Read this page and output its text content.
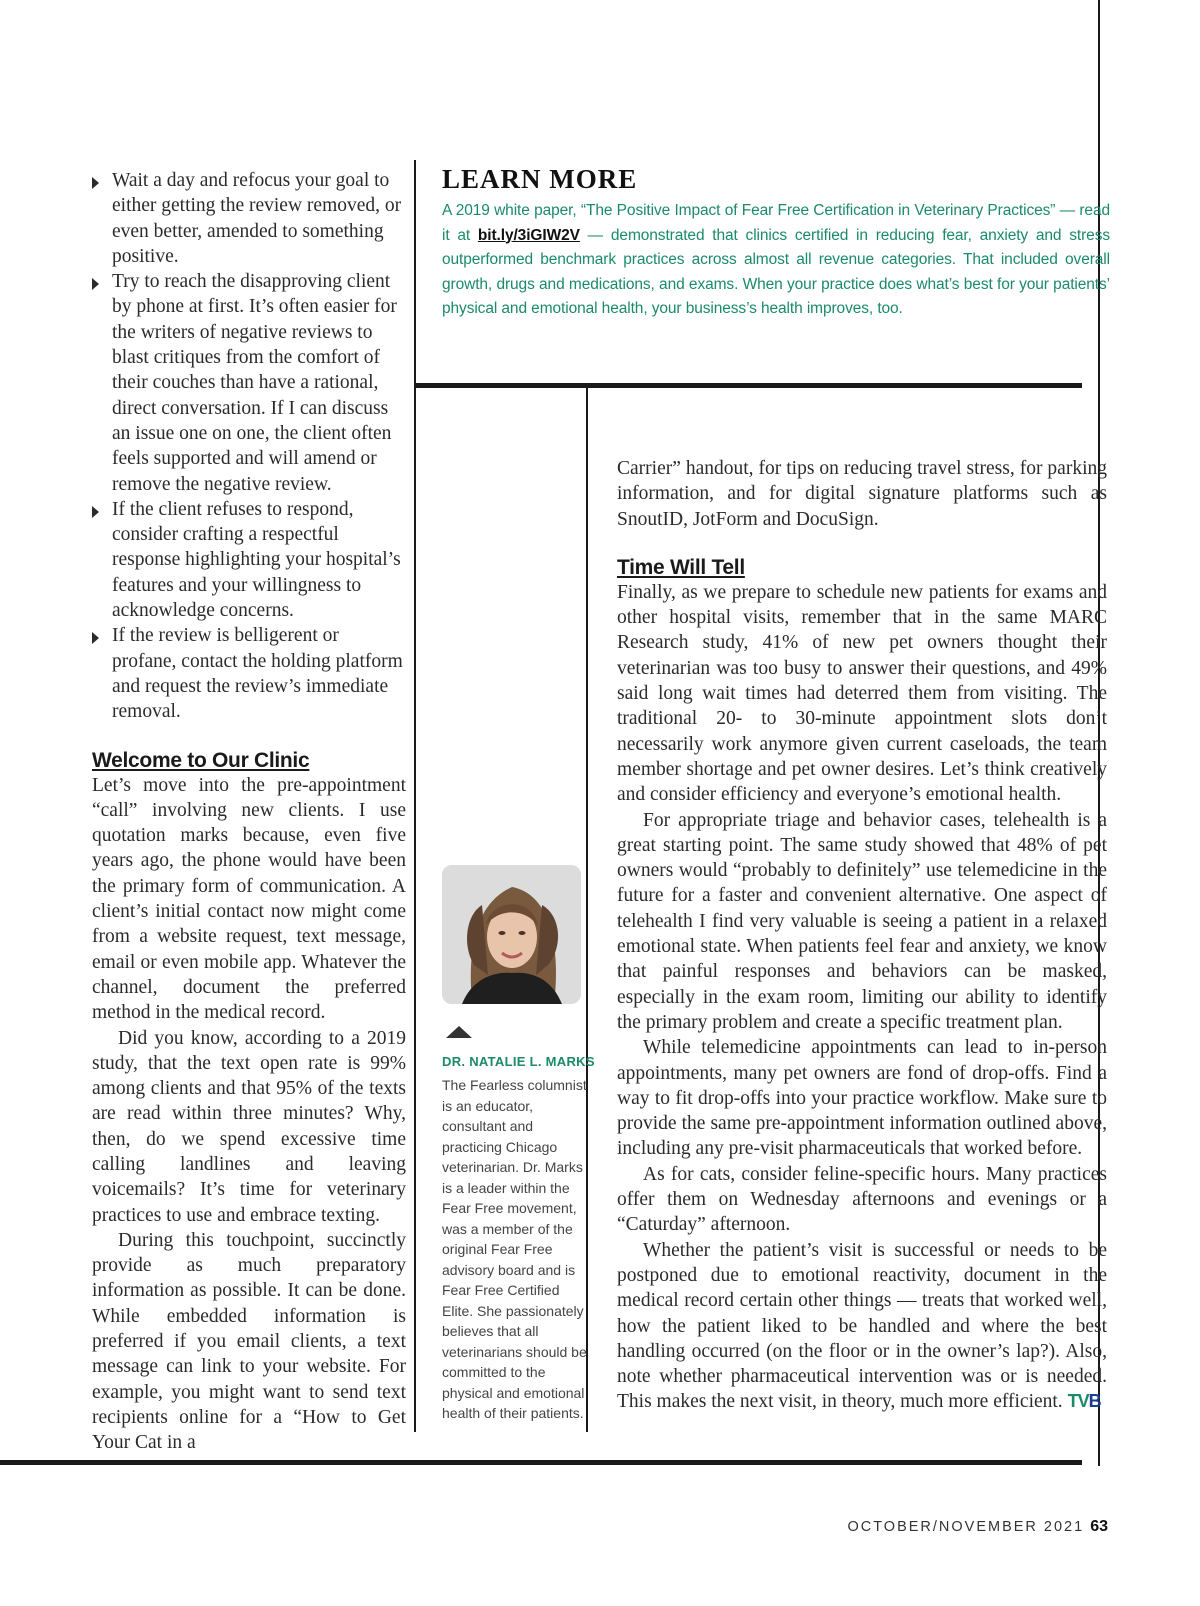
Wait a day and refocus your goal to either getting the review removed, or even better, amended to something positive.
Try to reach the disapproving client by phone at first. It’s often easier for the writers of negative reviews to blast critiques from the comfort of their couches than have a rational, direct conversation. If I can discuss an issue one on one, the client often feels supported and will amend or remove the negative review.
If the client refuses to respond, consider crafting a respectful response highlighting your hospital’s features and your willingness to acknowledge concerns.
If the review is belligerent or profane, contact the holding platform and request the review’s immediate removal.
Welcome to Our Clinic

Let’s move into the pre-appointment “call” involving new clients. I use quotation marks because, even five years ago, the phone would have been the primary form of communication. A client’s initial contact now might come from a website request, text message, email or even mobile app. Whatever the channel, document the preferred method in the medical record.

Did you know, according to a 2019 study, that the text open rate is 99% among clients and that 95% of the texts are read within three minutes? Why, then, do we spend excessive time calling landlines and leaving voicemails? It’s time for veterinary practices to use and embrace texting.

During this touchpoint, succinctly provide as much preparatory information as possible. It can be done. While embedded information is preferred if you email clients, a text message can link to your website. For example, you might want to send text recipients online for a “How to Get Your Cat in a

LEARN MORE

A 2019 white paper, “The Positive Impact of Fear Free Certification in Veterinary Practices” — read it at bit.ly/3iGIW2V — demonstrated that clinics certified in reducing fear, anxiety and stress outperformed benchmark practices across almost all revenue categories. That included overall growth, drugs and medications, and exams. When your practice does what’s best for your patients’ physical and emotional health, your business’s health improves, too.

DR. NATALIE L. MARKS

The Fearless columnist is an educator, consultant and practicing Chicago veterinarian. Dr. Marks is a leader within the Fear Free movement, was a member of the original Fear Free advisory board and is Fear Free Certified Elite. She passionately believes that all veterinarians should be committed to the physical and emotional health of their patients.

Carrier” handout, for tips on reducing travel stress, for parking information, and for digital signature platforms such as SnoutID, JotForm and DocuSign.

Time Will Tell

Finally, as we prepare to schedule new patients for exams and other hospital visits, remember that in the same MARC Research study, 41% of new pet owners thought their veterinarian was too busy to answer their questions, and 49% said long wait times had deterred them from visiting. The traditional 20- to 30-minute appointment slots don’t necessarily work anymore given current caseloads, the team member shortage and pet owner desires. Let’s think creatively and consider efficiency and everyone’s emotional health.

For appropriate triage and behavior cases, telehealth is a great starting point. The same study showed that 48% of pet owners would “probably to definitely” use telemedicine in the future for a faster and convenient alternative. One aspect of telehealth I find very valuable is seeing a patient in a relaxed emotional state. When patients feel fear and anxiety, we know that painful responses and behaviors can be masked, especially in the exam room, limiting our ability to identify the primary problem and create a specific treatment plan.

While telemedicine appointments can lead to in-person appointments, many pet owners are fond of drop-offs. Find a way to fit drop-offs into your practice workflow. Make sure to provide the same pre-appointment information outlined above, including any pre-visit pharmaceuticals that worked before.

As for cats, consider feline-specific hours. Many practices offer them on Wednesday afternoons and evenings or a “Caturday” afternoon.

Whether the patient’s visit is successful or needs to be postponed due to emotional reactivity, document in the medical record certain other things — treats that worked well, how the patient liked to be handled and where the best handling occurred (on the floor or in the owner’s lap?). Also, note whether pharmaceutical intervention was or is needed. This makes the next visit, in theory, much more efficient. TVB

OCTOBER/NOVEMBER 2021 63
